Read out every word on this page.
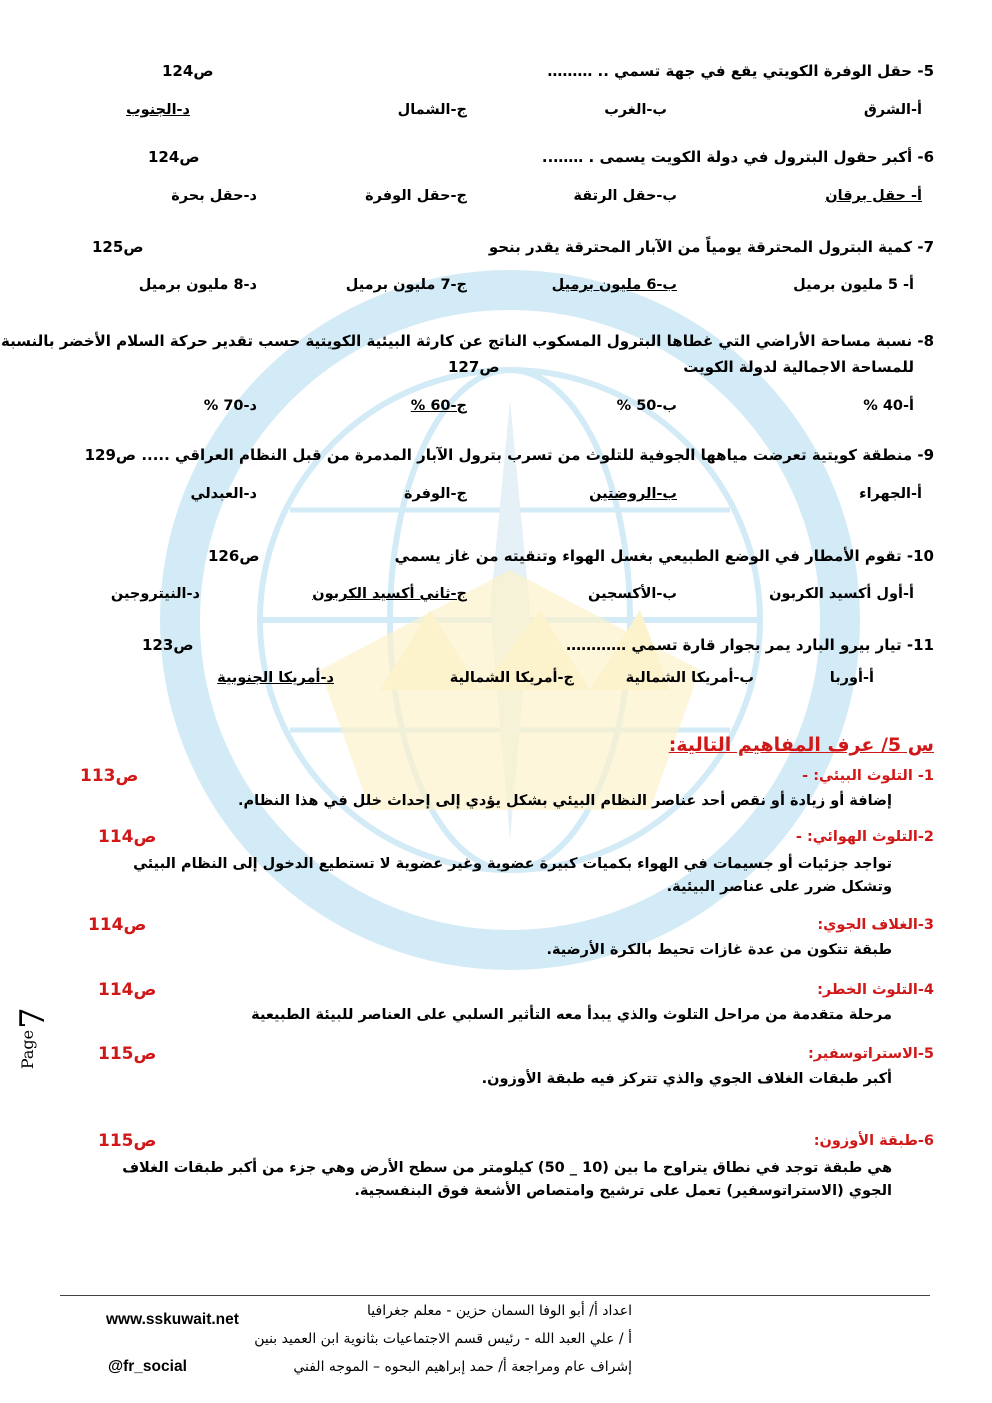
5- حقل الوفرة الكويتي يقع في جهة تسمي .. ………
ص124
أ-الشرق
ب-الغرب
ج-الشمال
د-الجنوب
6- أكبر حقول البترول في دولة الكويت يسمى . ……..
ص124
أ- حقل برقان
ب-حقل الرتقة
ج-حقل الوفرة
د-حقل بحرة
7- كمية البترول المحترقة يومياً من الآبار المحترقة يقدر بنحو
ص125
أ- 5 مليون برميل
ب-6 مليون برميل
ج-7 مليون برميل
د-8 مليون برميل
8- نسبة مساحة الأراضي التي غطاها البترول المسكوب الناتج عن كارثة البيئية الكويتية حسب تقدير حركة السلام الأخضر بالنسبة
للمساحة الاجمالية لدولة الكويت
ص127
أ-40 %
ب-50 %
ج-60 %
د-70 %
9- منطقة كويتية تعرضت مياهها الجوفية للتلوث من تسرب بترول الآبار المدمرة من قبل النظام العراقي ..... ص129
أ-الجهراء
ب-الروضتين
ج-الوفرة
د-العبدلي
10- تقوم الأمطار في الوضع الطبيعي بغسل الهواء وتنقيته من غاز يسمي
ص126
أ-أول أكسيد الكربون
ب-الأكسجين
ج-ثاني أكسيد الكربون
د-النيتروجين
11- تيار بيرو البارد يمر بجوار قارة تسمي …………
ص123
أ-أوربا
ب-أمريكا الشمالية
ج-أمريكا الشمالية
د-أمريكا الجنوبية
س 5/ عرف المفاهيم التالية:
1- التلوث البيئي: -
ص113
إضافة أو زيادة أو نقص أحد عناصر النظام البيئي بشكل يؤدي إلى إحداث خلل في هذا النظام.
2-التلوث الهوائي: -
ص114
تواجد جزئيات أو جسيمات في الهواء بكميات كبيرة عضوية وغير عضوية لا تستطيع الدخول إلى النظام البيئي وتشكل ضرر على عناصر البيئية.
3-الغلاف الجوي:
ص114
طبقة تتكون من عدة غازات تحيط بالكرة الأرضية.
4-التلوث الخطر:
ص114
مرحلة متقدمة من مراحل التلوث والذي يبدأ معه التأثير السلبي على العناصر للبيئة الطبيعية
5-الاستراتوسفير:
ص115
أكبر طبقات الغلاف الجوي والذي تتركز فيه طبقة الأوزون.
6-طبقة الأوزون:
ص115
هي طبقة توجد في نطاق يتراوح ما بين (10 _ 50) كيلومتر من سطح الأرض وهي جزء من أكبر طبقات الغلاف الجوي (الاستراتوسفير) تعمل على ترشيح وامتصاص الأشعة فوق البنفسجية.
Page
7
اعداد أ/ أبو الوفا السمان حزين - معلم جغرافيا
أ / علي العبد الله - رئيس قسم الاجتماعيات بثانوية ابن العميد بنين
إشراف عام ومراجعة أ/ حمد إبراهيم البحوه – الموجه الفني
www.sskuwait.net
@fr_social
